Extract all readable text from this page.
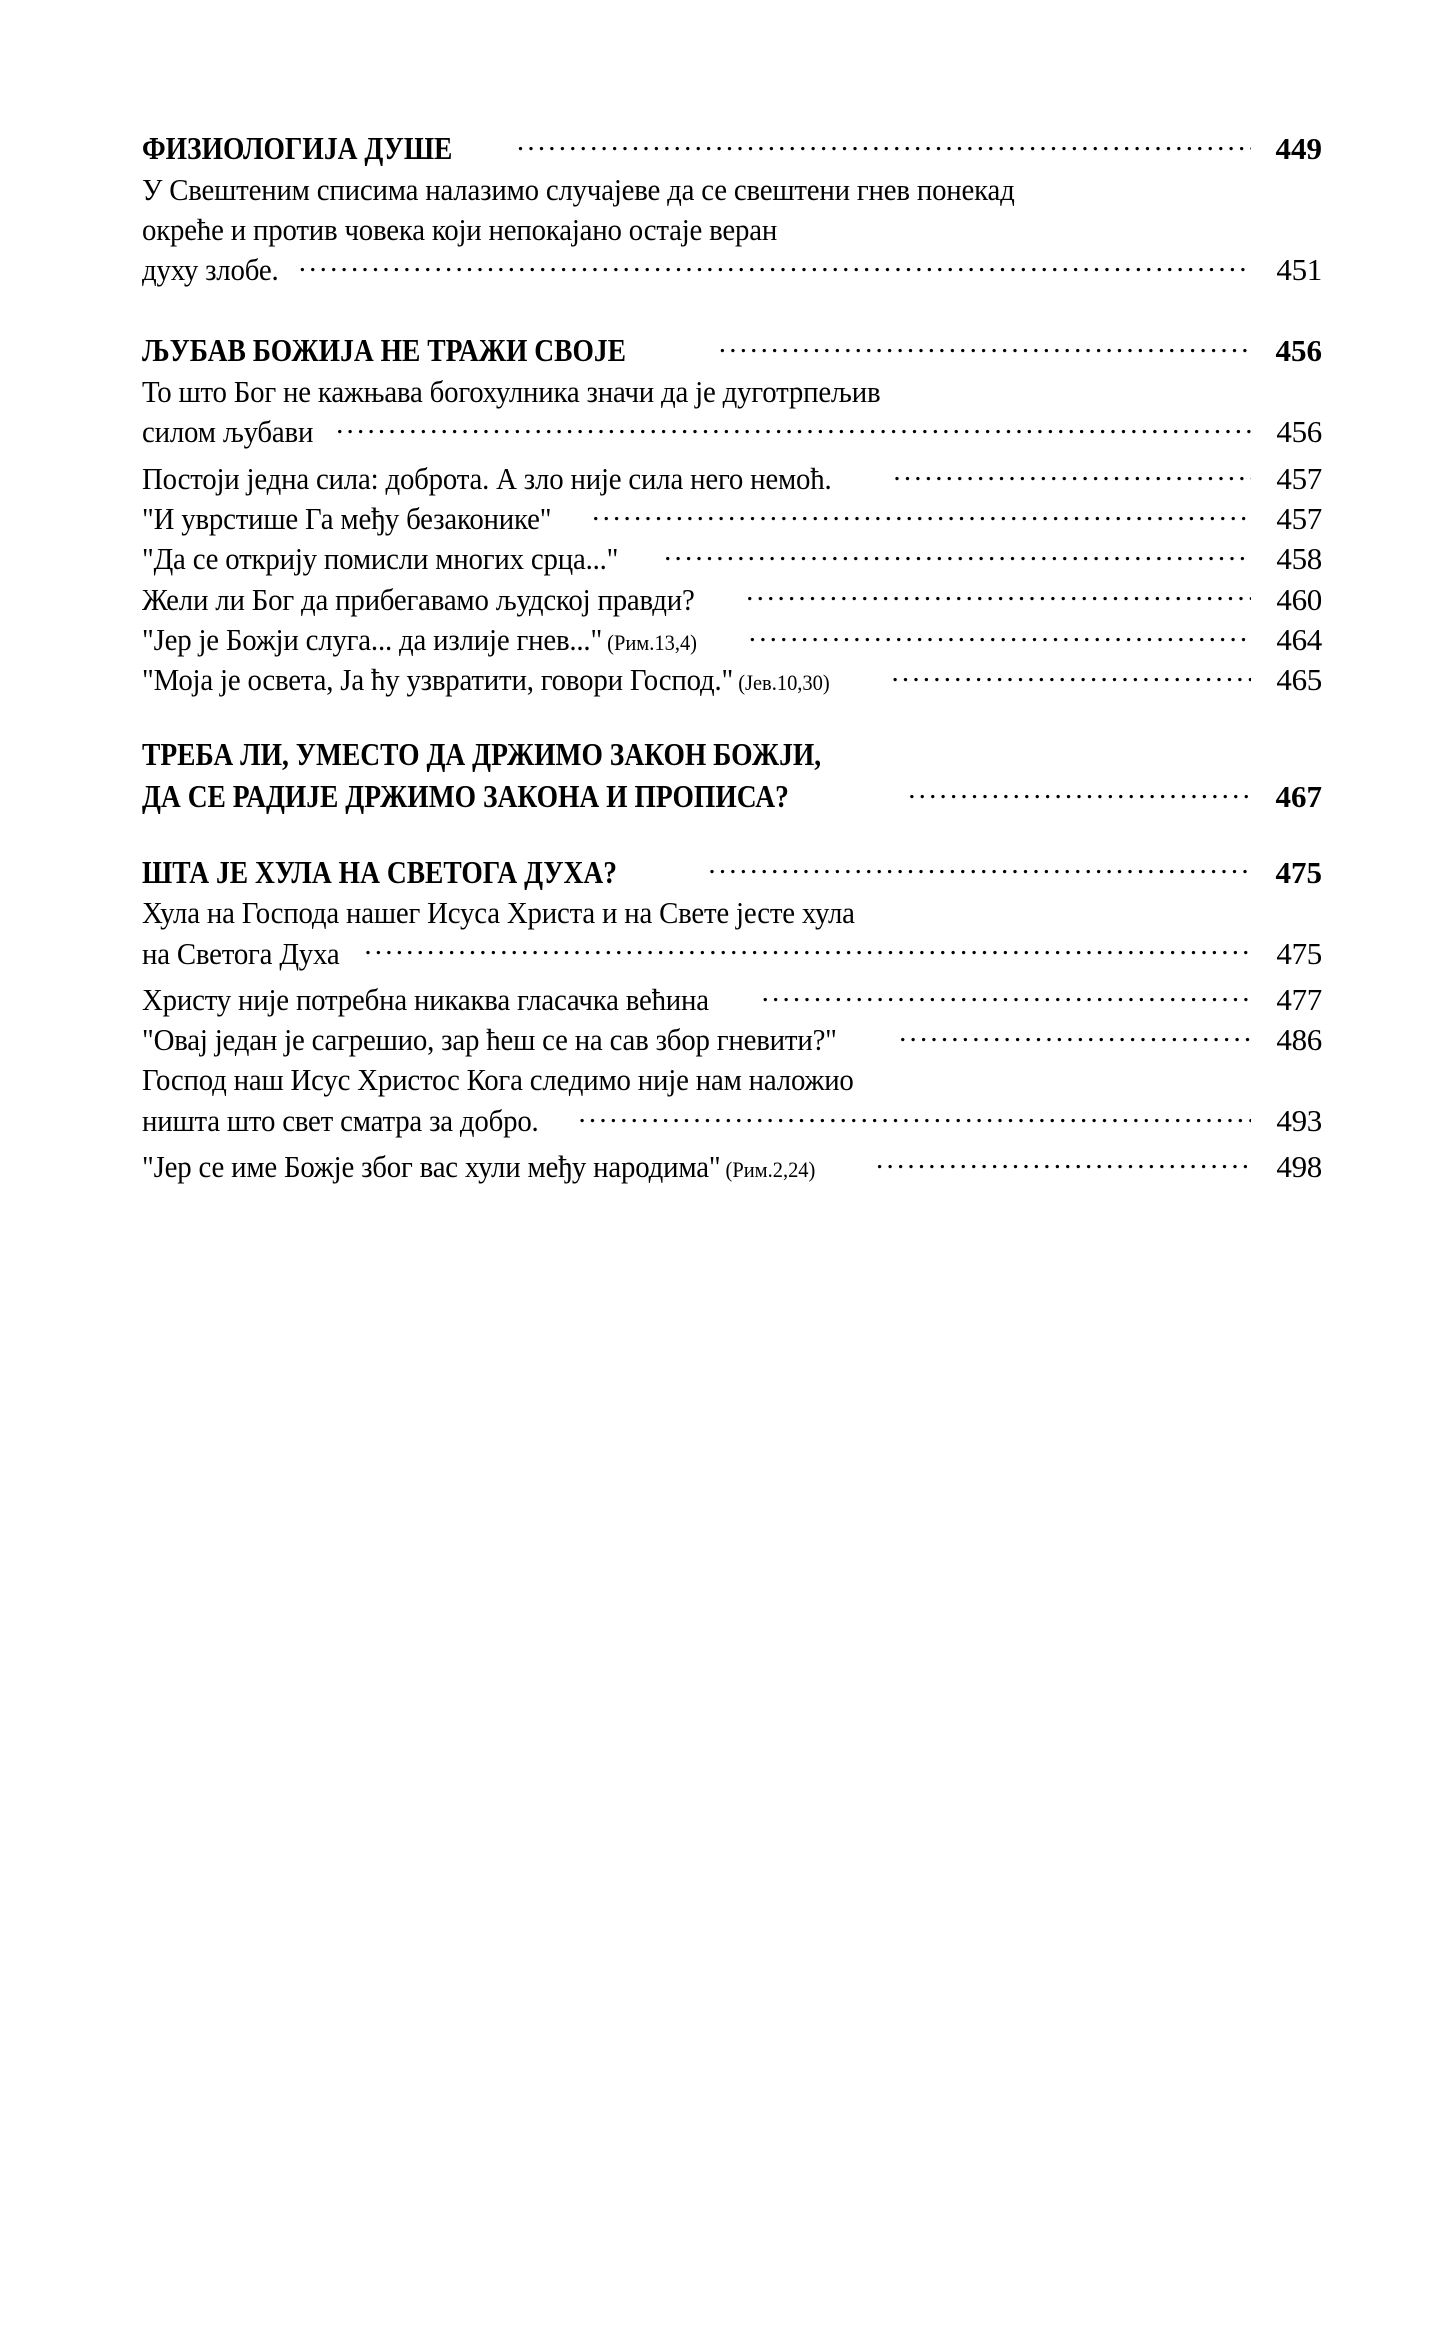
ФИЗИОЛОГИЈА ДУШЕ .....	449
У Свештеним списима налазимо случајеве да се свештени гнев понекад
окреће и против човека који непокајано остаје веран
духу злобе. .....	451
ЉУБАВ БОЖИЈА НЕ ТРАЖИ СВОЈЕ .....	456
То што Бог не кажњава богохулника значи да је дуготрпељив
силом љубави .....	456
Постоји једна сила: доброта. А зло није сила него немоћ. .....	457
"И уврстише Га међу безаконике" .....	457
"Да се открију помисли многих срца..." .....	458
Жели ли Бог да прибегавамо људској правди? .....	460
"Јер је Божји слуга... да излије гнев..." (Рим.13,4) .....	464
"Моја је освета, Ја ћу узвратити, говори Господ." (Јев.10,30) .....	465
ТРЕБА ЛИ, УМЕСТО ДА ДРЖИМО ЗАКОН БОЖЈИ,
ДА СЕ РАДИЈЕ ДРЖИМО ЗАКОНА И ПРОПИСА? .....	467
ШТА ЈЕ ХУЛА НА СВЕТОГА ДУХА? .....	475
Хула на Господа нашег Исуса Христа и на Свете јесте хула
на Светога Духа .....	475
Христу није потребна никаква гласачка већина .....	477
"Овај један је сагрешио, зар ћеш се на сав збор гневити?" .....	486
Господ наш Исус Христос Кога следимо није нам наложио
ништа што свет сматра за добро. .....	493
"Јер се име Божје због вас хули међу народима" (Рим.2,24) .....	498
